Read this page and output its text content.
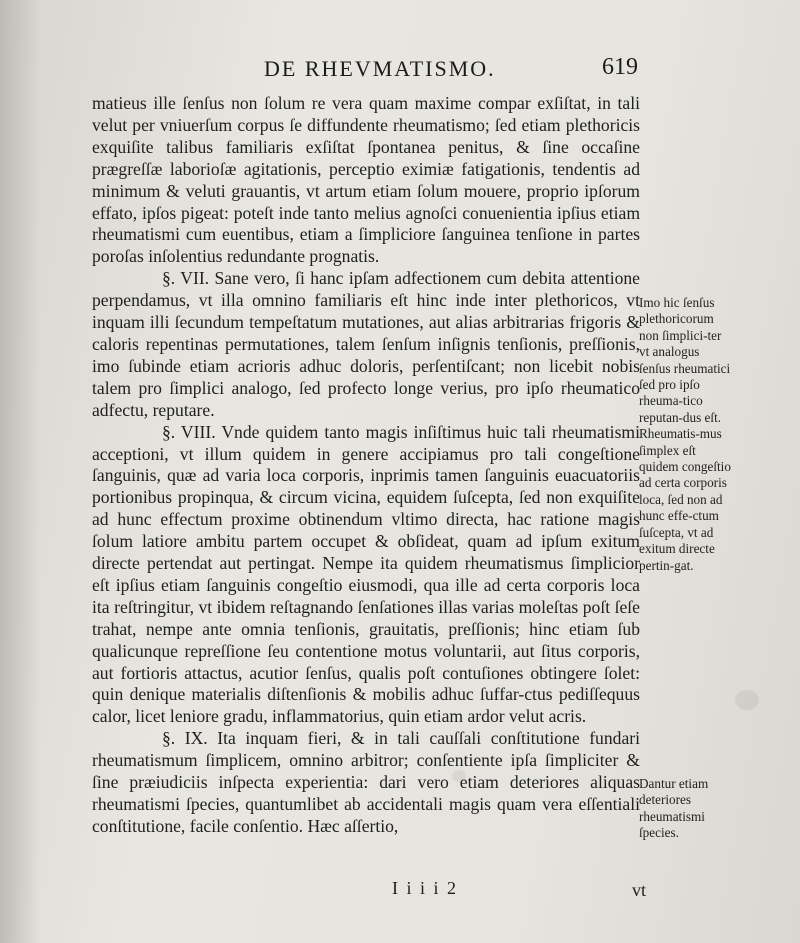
DE RHEVMATISMO.	619

matieus ille ſenſus non ſolum re vera quam maxime compar exſiſtat, in tali velut per vniuerſum corpus ſe diffundente rheumatismo; ſed etiam plethoricis exquiſite talibus familiaris exſiſtat ſpontanea penitus, & ſine occaſine prægreſſæ laborioſæ agitationis, perceptio eximiæ fatigationis, tendentis ad minimum & veluti grauantis, vt artum etiam ſolum mouere, proprio ipſorum effato, ipſos pigeat: poteſt inde tanto melius agnoſci conuenientia ipſius etiam rheumatismi cum euentibus, etiam a ſimpliciore ſanguinea tenſione in partes poroſas inſolentius redundante prognatis.

§. VII. Sane vero, ſi hanc ipſam adfectionem cum debita attentione perpendamus, vt illa omnino familiaris eſt hinc inde inter plethoricos, vt inquam illi ſecundum tempeſtatum mutationes, aut alias arbitrarias frigoris & caloris repentinas permutationes, talem ſenſum inſignis tenſionis, preſſionis, imo ſubinde etiam acrioris adhuc doloris, perſentiſcant; non licebit nobis talem pro ſimplici analogo, ſed profecto longe verius, pro ipſo rheumatico adfectu, reputare.

§. VIII. Vnde quidem tanto magis inſiſtimus huic tali rheumatismi acceptioni, vt illum quidem in genere accipiamus pro tali congeſtione ſanguinis, quæ ad varia loca corporis, inprimis tamen ſanguinis euacuatoriis portionibus propinqua, & circum vicina, equidem ſuſcepta, ſed non exquiſite ad hunc effectum proxime obtinendum vltimo directa, hac ratione magis ſolum latiore ambitu partem occupet & obſideat, quam ad ipſum exitum directe pertendat aut pertingat. Nempe ita quidem rheumatismus ſimplicior eſt ipſius etiam ſanguinis congeſtio eiusmodi, qua ille ad certa corporis loca ita reſtringitur, vt ibidem reſtagnando ſenſationes illas varias moleſtas poſt ſeſe trahat, nempe ante omnia tenſionis, grauitatis, preſſionis; hinc etiam ſub qualicunque repreſſione ſeu contentione motus voluntarii, aut ſitus corporis, aut fortioris attactus, acutior ſenſus, qualis poſt contuſiones obtingere ſolet: quin denique materialis diſtenſionis & mobilis adhuc ſuffar-ctus pediſſequus calor, licet leniore gradu, inflammatorius, quin etiam ardor velut acris.

§. IX. Ita inquam fieri, & in tali cauſſali conſtitutione fundari rheumatismum ſimplicem, omnino arbitror; conſentiente ipſa ſimpliciter & ſine præiudiciis inſpecta experientia: dari vero etiam deteriores aliquas rheumatismi ſpecies, quantumlibet ab accidentali magis quam vera eſſentiali conſtitutione, facile conſentio. Hæc aſſertio,

Imo hic ſenſus plethoricorum non ſimplici-ter vt analogus ſenſus rheumatici ſed pro ipſo rheuma-tico reputan-dus eſt. Rheumatis-mus ſimplex eſt quidem congeſtio ad certa corporis loca, ſed non ad hunc effe-ctum ſuſcepta, vt ad exitum directe pertin-gat.
Dantur etiam deteriores rheumatismi ſpecies.
I i i i 2	vt
